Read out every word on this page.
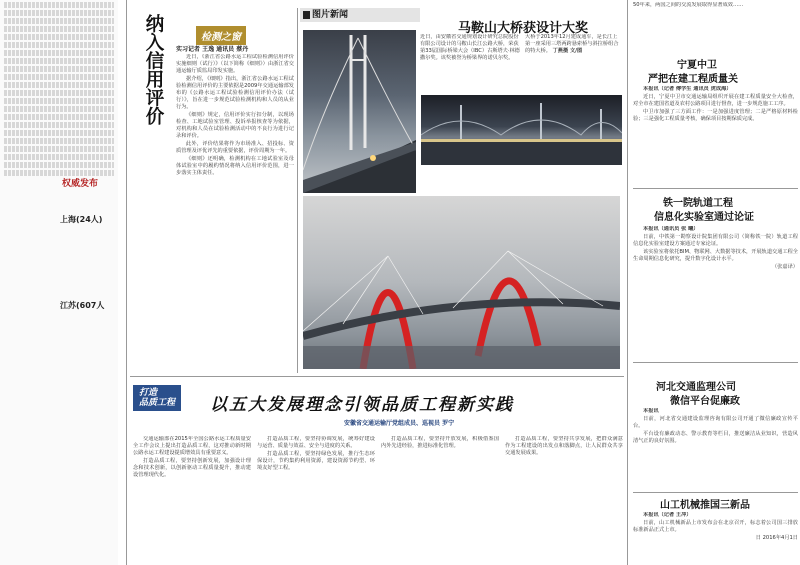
权威发布
上海(24人)
江苏(607人
纳入信用评价
检测之窗
实习记者 王逸 通讯员 蔡丹

近日，《浙江省公路水运工程试验检测信用评价实施细则（试行）》（以下简称《细则》）由浙江省交通运输厅质监局印发实施。

据介绍，《细则》指出，浙江省公路水运工程试验检测信用评价的主要依据是2009年交通运输部发布的《公路水运工程试验检测信用评价办法（试行）》，旨在进一步规范试验检测机构和人员的从业行为。

《细则》规定，信用评价实行扣分制，以现场检查、工地试验室管理、投诉举报核查等为依据，对机构和人员在试验检测活动中的不良行为进行记录和评价。

此外，评价结果将作为市场准入、招投标、资质管理及评优评先的重要依据，评价周期为一年。

《细则》还明确，检测机构在工地试验室及母体试验室中的履约情况将纳入信用评价范围，进一步落实主体责任。

图片新闻
马鞍山大桥获设计大奖
近日，由安徽省交通规划设计研究总院股份有限公司设计的马鞍山长江公路大桥，荣获第33届国际桥梁大会（IBC）古斯塔夫·林德撒尔奖。该奖被誉为桥梁界的诺贝尔奖。
大桥于2013年12月建成通车，是长江上第一座采用三塔两跨悬索桥与斜拉桥组合的特大桥。 丁燕摄 文/图
50年来，两国之间的交流发展取得显著成效……
宁夏中卫
严把在建工程质量关

本报讯（记者 傅学生 通讯员 虎成海）

近日，宁夏中卫市交通运输局组织开展在建工程质量安全大检查，对全市在建国省道及农村公路项目进行督查，进一步规范施工工序。

中卫市加强了三方面工作：一是加强进度管理；二是严格原材料检验；三是强化工程质量考核，确保项目按期保质完成。

铁一院轨道工程
信息化实验室通过论证

本报讯（通讯员 张 曦）

日前，中铁第一勘察设计院集团有限公司（简称铁一院）轨道工程信息化实验室建设方案通过专家论证。

该实验室将依托BIM、物联网、大数据等技术，开展轨道交通工程全生命周期信息化研究，提升数字化设计水平。

（张嘉译）

河北交通监理公司
微信平台促廉政

本报讯

日前，河北省交通建设监理咨询有限公司开通了微信廉政宣传平台。

平台设有廉政动态、警示教育等栏目，推送廉洁从业知识，营造风清气正的良好氛围。

山工机械推国三新品

本报讯（记者 王冲）

日前，山工机械新品上市发布会在北京召开，标志着公司国三排放标准新品正式上市。

日 2016年4月1日

打造
品质工程 以五大发展理念引领品质工程新实践
安徽省交通运输厅党组成员、巡视员 罗宁

交通运输部在2015年全国公路水运工程质量安全工作会议上提出打造品质工程，这对推动新时期公路水运工程建设提质增效具有重要意义。

打造品质工程，要坚持创新发展，加强设计理念和技术创新，以创新驱动工程质量提升，推动建设管理现代化。

打造品质工程，要坚持协调发展，统筹好建设与运营、质量与效益、安全与进度的关系。

打造品质工程，要坚持绿色发展，推行生态环保设计，节约集约利用资源，建设资源节约型、环境友好型工程。

打造品质工程，要坚持开放发展，积极借鉴国内外先进经验，推进标准化管理。

打造品质工程，要坚持共享发展，把群众满意作为工程建设的出发点和落脚点，让人民群众共享交通发展成果。
